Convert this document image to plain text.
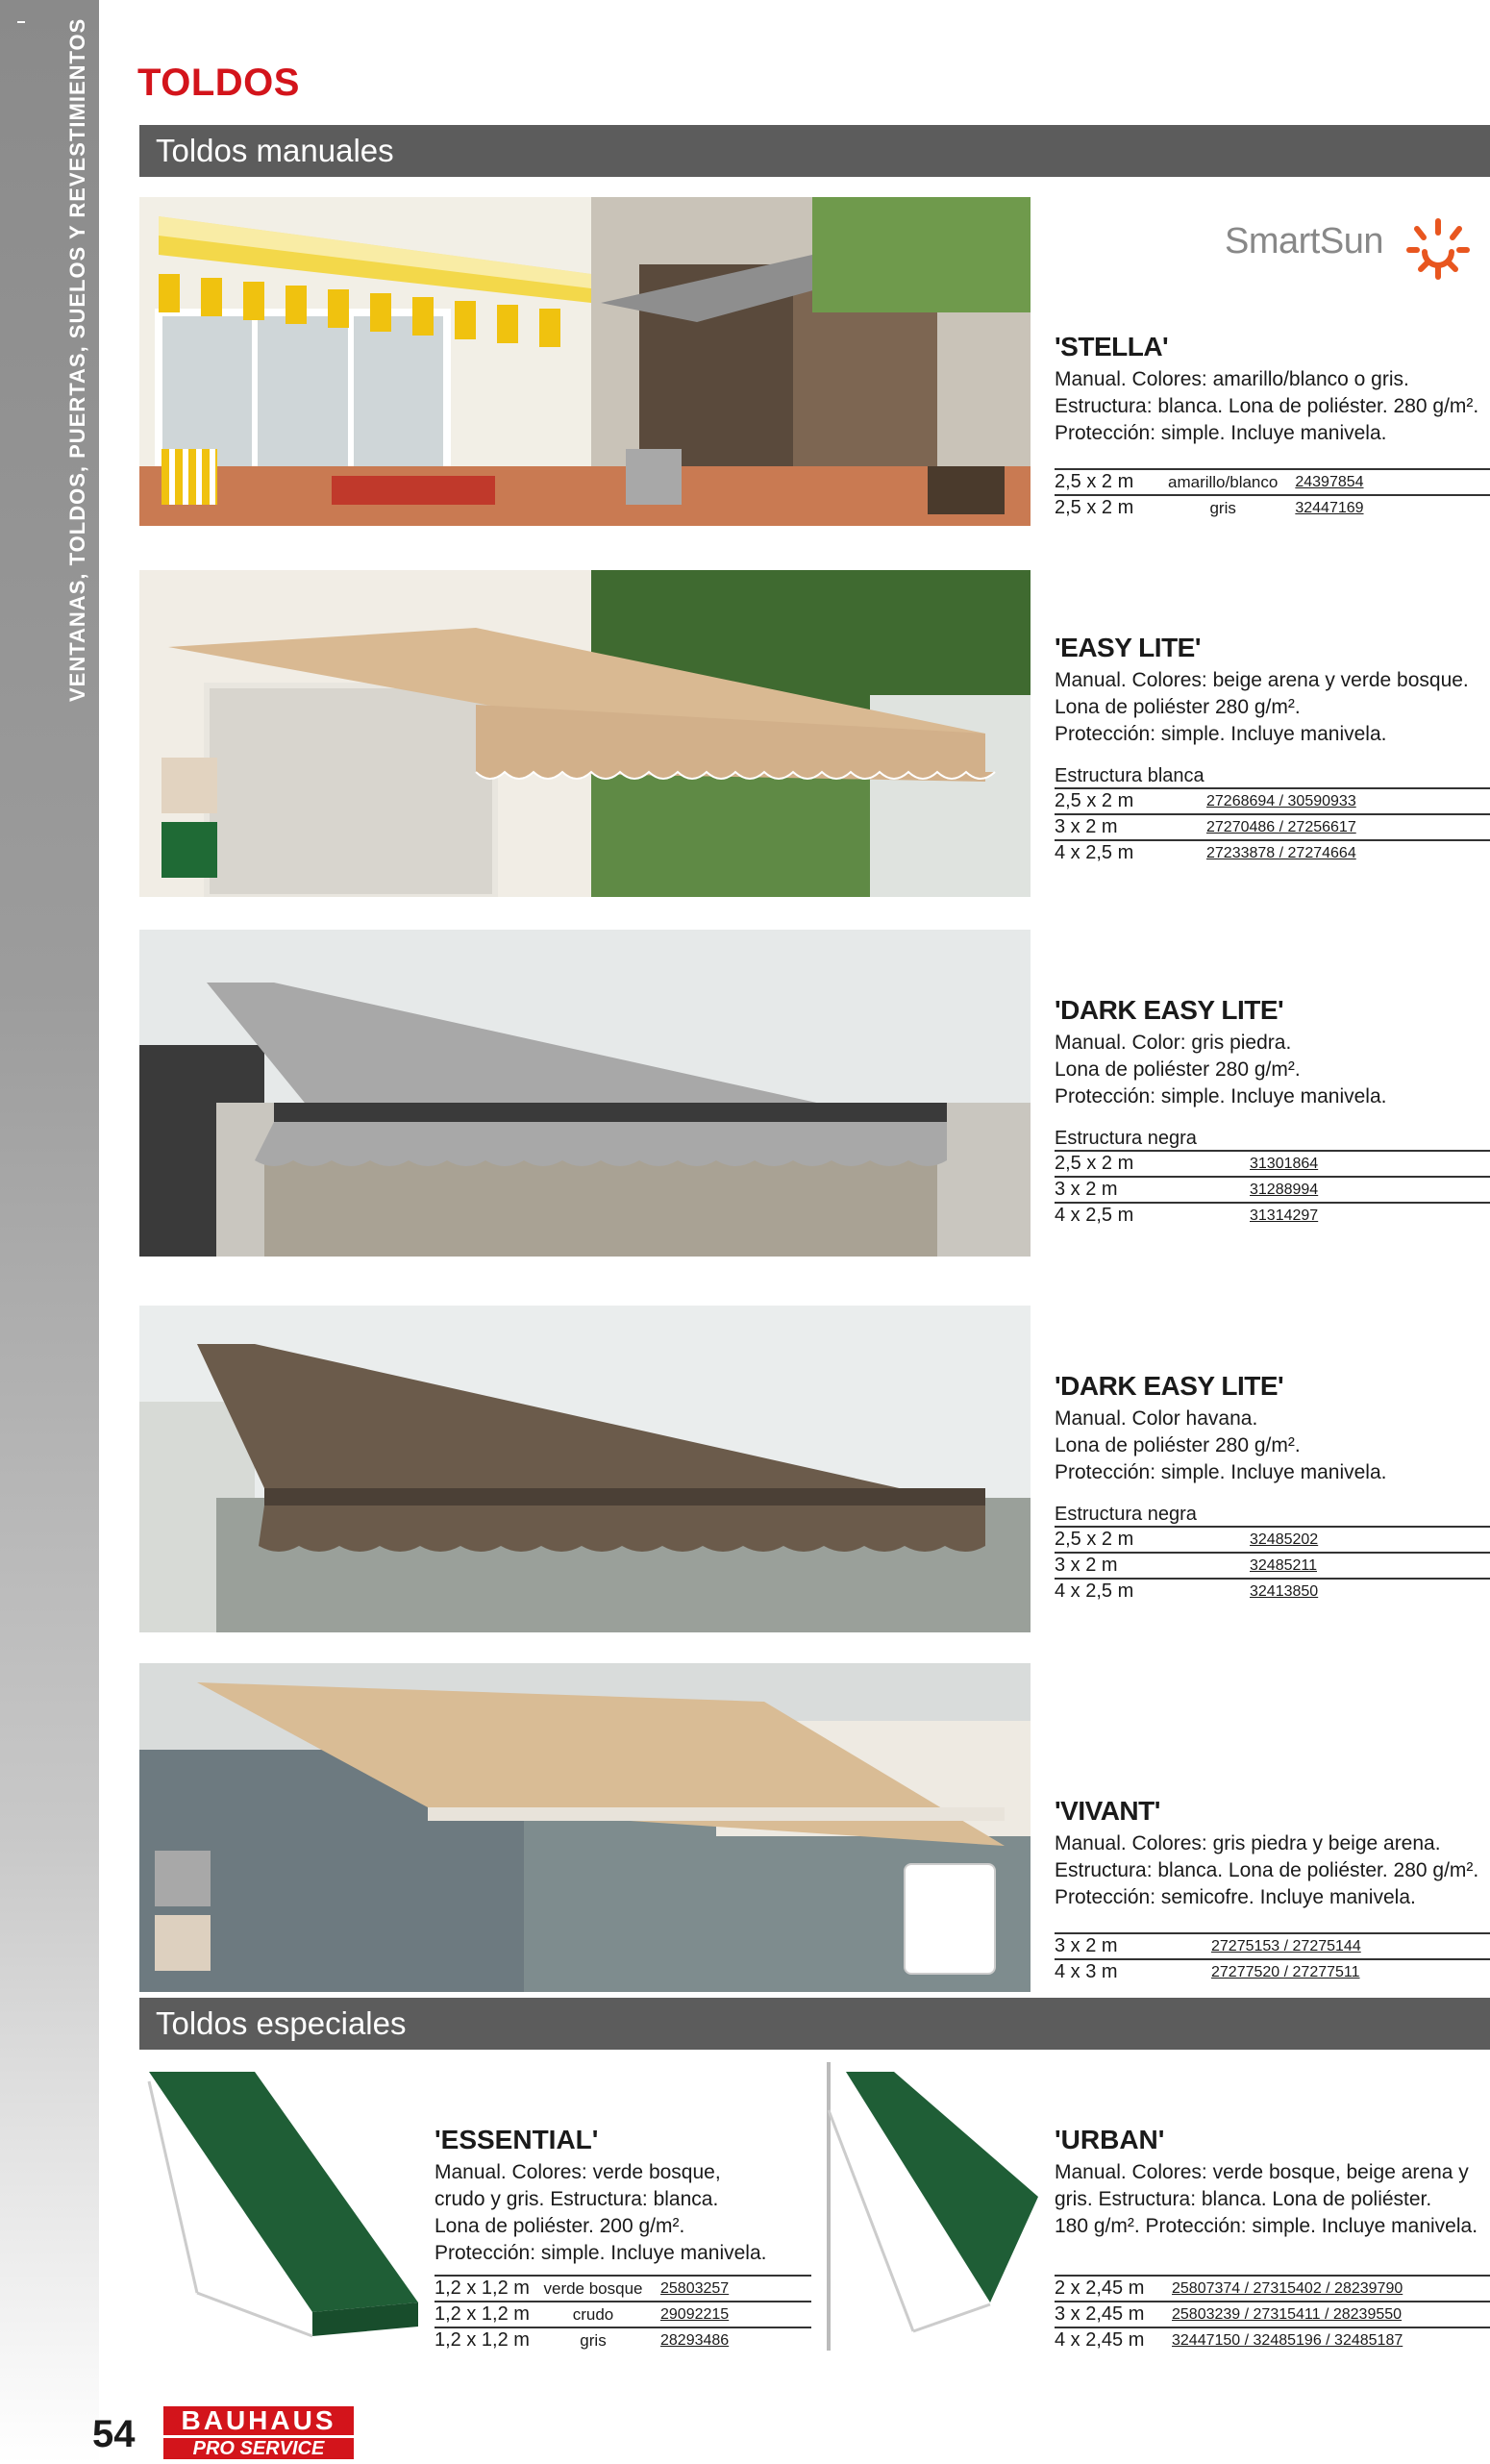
VENTANAS, TOLDOS, PUERTAS, SUELOS Y REVESTIMIENTOS TOLDOS
Toldos manuales
SmartSun
'STELLA'
Manual. Colores: amarillo/blanco o gris.
Estructura: blanca. Lona de poliéster. 280 g/m².
Protección: simple. Incluye manivela.
2,5 x 2 m	amarillo/blanco	24397854
2,5 x 2 m	gris	32447169
'EASY LITE'
Manual. Colores: beige arena y verde bosque.
Lona de poliéster 280 g/m².
Protección: simple. Incluye manivela.
Estructura blanca
2,5 x 2 m	27268694 / 30590933
3 x 2 m	27270486 / 27256617
4 x 2,5 m	27233878 / 27274664
'DARK EASY LITE'
Manual. Color: gris piedra.
Lona de poliéster 280 g/m².
Protección: simple. Incluye manivela.
Estructura negra
2,5 x 2 m	31301864
3 x 2 m	31288994
4 x 2,5 m	31314297
'DARK EASY LITE'
Manual. Color havana.
Lona de poliéster 280 g/m².
Protección: simple. Incluye manivela.
Estructura negra
2,5 x 2 m	32485202
3 x 2 m	32485211
4 x 2,5 m	32413850
'VIVANT'
Manual. Colores: gris piedra y beige arena.
Estructura: blanca. Lona de poliéster. 280 g/m².
Protección: semicofre. Incluye manivela.
3 x 2 m	27275153 / 27275144
4 x 3 m	27277520 / 27277511
Toldos especiales
'ESSENTIAL'
Manual. Colores: verde bosque,
crudo y gris. Estructura: blanca.
Lona de poliéster. 200 g/m².
Protección: simple. Incluye manivela.
1,2 x 1,2 m	verde bosque	25803257
1,2 x 1,2 m	crudo	29092215
1,2 x 1,2 m	gris	28293486
'URBAN'
Manual. Colores: verde bosque, beige arena y
gris. Estructura: blanca. Lona de poliéster.
180 g/m². Protección: simple. Incluye manivela.
2 x 2,45 m	25807374 / 27315402 / 28239790
3 x 2,45 m	25803239 / 27315411 / 28239550
4 x 2,45 m	32447150 / 32485196 / 32485187
54	BAUHAUS
PRO SERVICE
